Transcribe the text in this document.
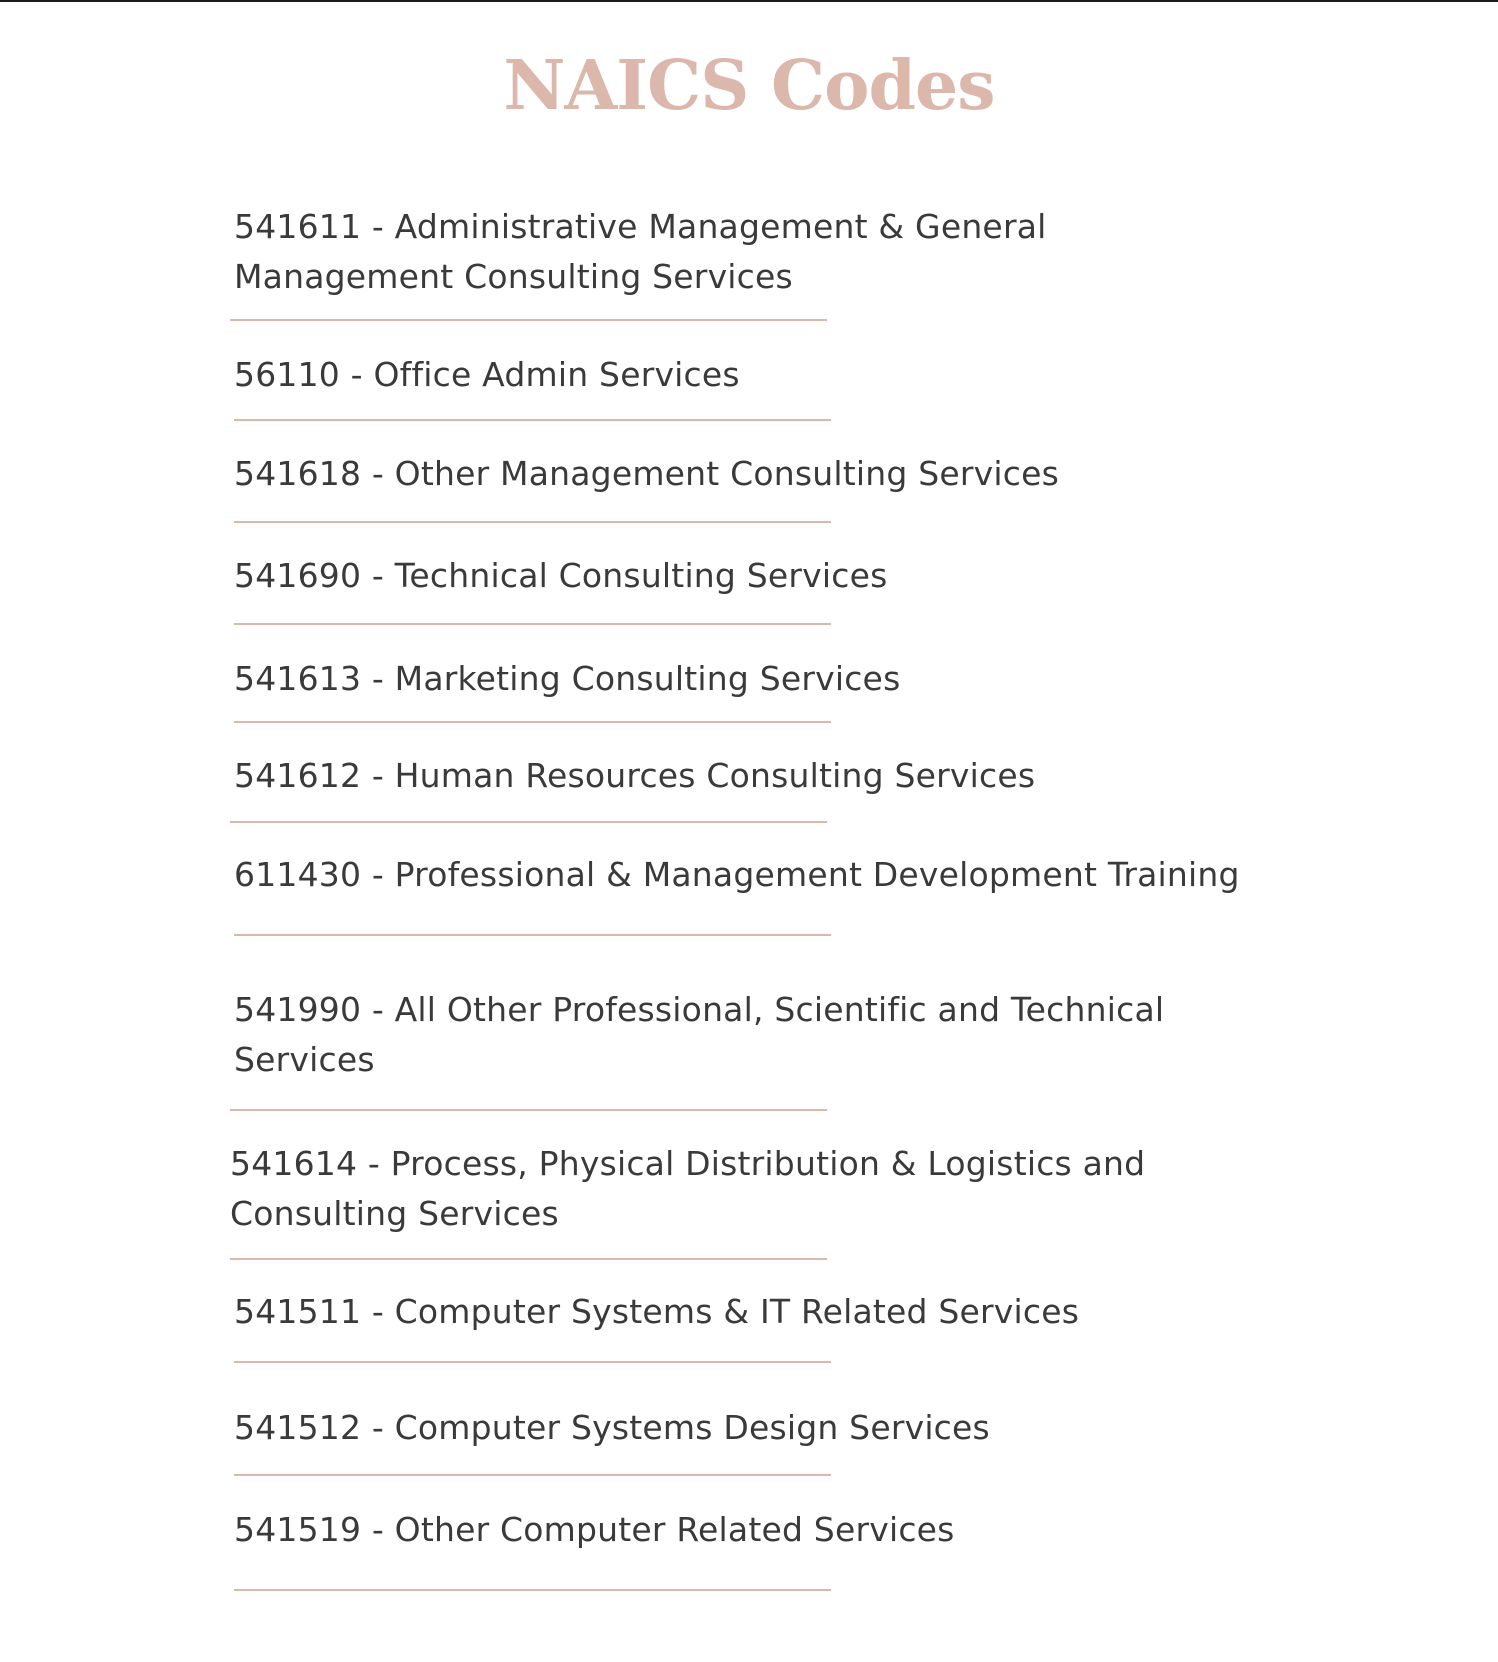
NAICS Codes
541611 - Administrative Management & General
Management Consulting Services
56110 - Office Admin Services
541618 - Other Management Consulting Services
541690 - Technical Consulting Services
541613 - Marketing Consulting Services
541612 - Human Resources Consulting Services
611430 - Professional & Management Development Training
541990 - All Other Professional, Scientific and Technical
Services
541614 - Process, Physical Distribution & Logistics and
Consulting Services
541511 - Computer Systems & IT Related Services
541512 - Computer Systems Design Services
541519 - Other Computer Related Services
